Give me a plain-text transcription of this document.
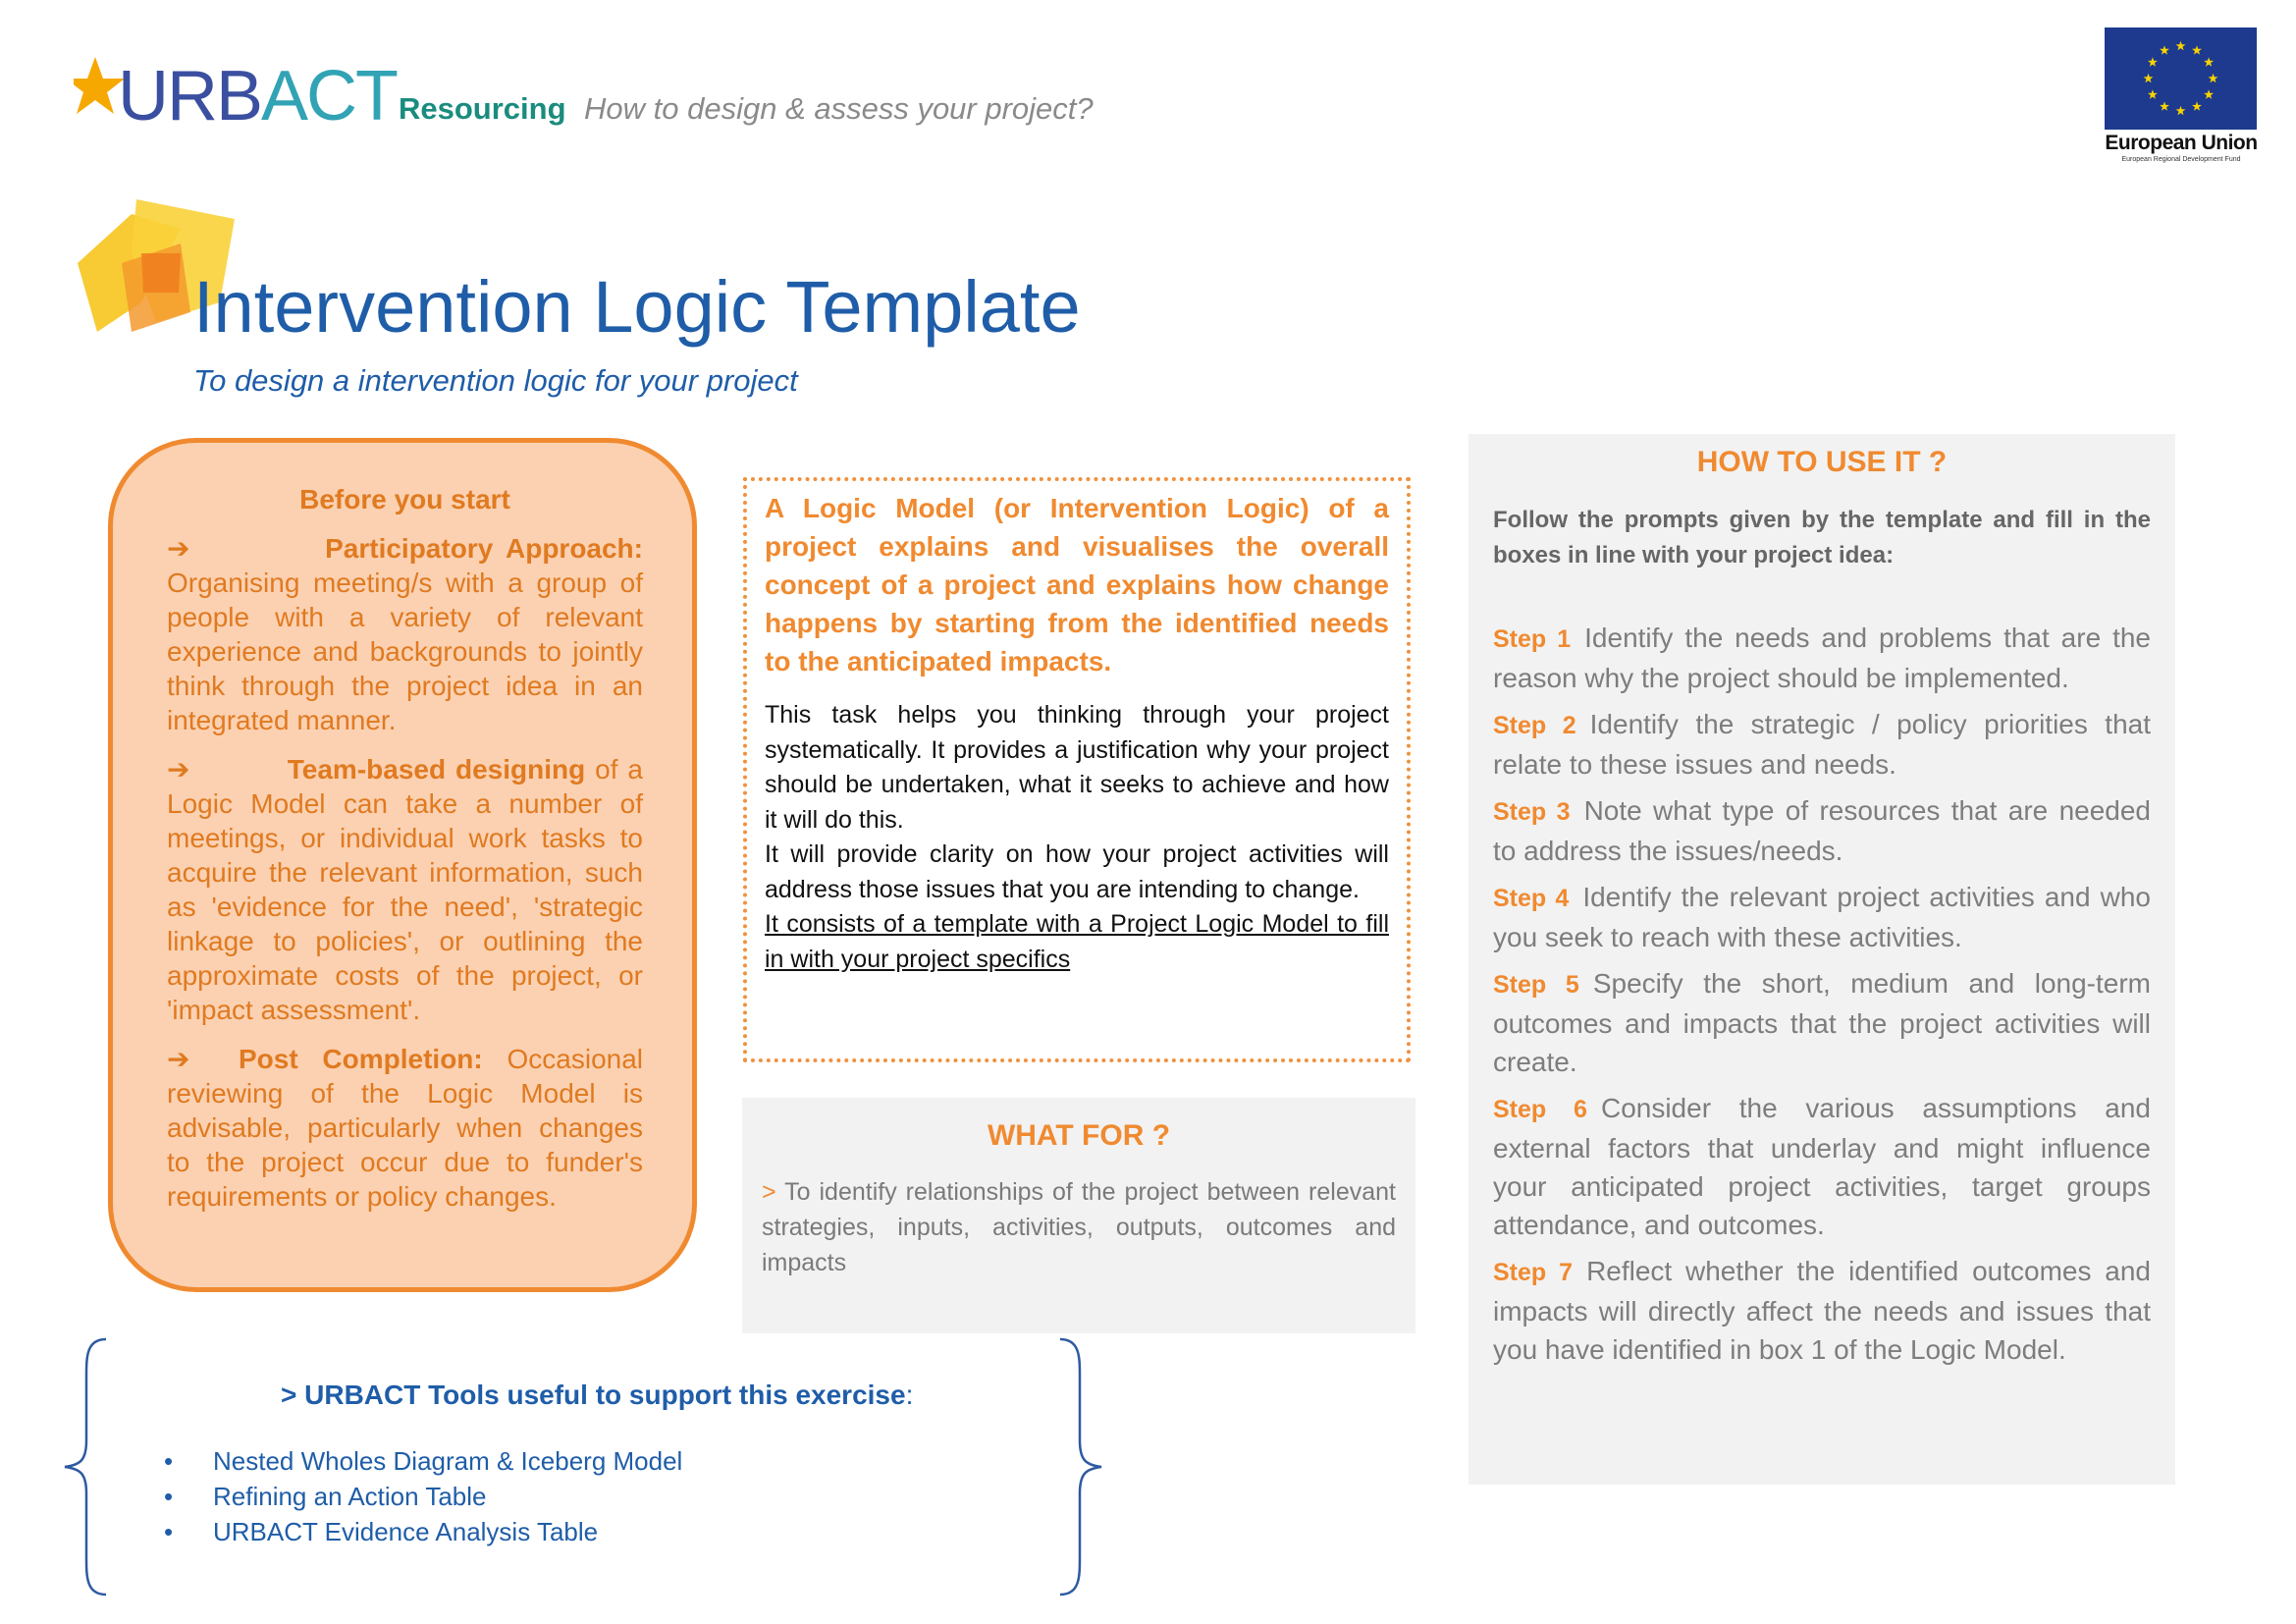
URBACT Resourcing How to design & assess your project?
European Union
European Regional Development Fund
Intervention Logic Template
To design a intervention logic for your project

Before you start

➔	Participatory Approach: Organising meeting/s with a group of people with a variety of relevant experience and backgrounds to jointly think through the project idea in an integrated manner.

➔	Team-based designing of a Logic Model can take a number of meetings, or individual work tasks to acquire the relevant information, such as 'evidence for the need', 'strategic linkage to policies', or outlining the approximate costs of the project, or 'impact assessment'.

➔ Post Completion: Occasional reviewing of the Logic Model is advisable, particularly when changes to the project occur due to funder's requirements or policy changes.

A Logic Model (or Intervention Logic) of a project explains and visualises the overall concept of a project and explains how change happens by starting from the identified needs to the anticipated impacts.

This task helps you thinking through your project systematically. It provides a justification why your project should be undertaken, what it seeks to achieve and how it will do this.

It will provide clarity on how your project activities will address those issues that you are intending to change.

It consists of a template with a Project Logic Model to fill in with your project specifics

WHAT FOR ?

> To identify relationships of the project between relevant strategies, inputs, activities, outputs, outcomes and impacts

HOW TO USE IT ?

Follow the prompts given by the template and fill in the boxes in line with your project idea:

Step 1 Identify the needs and problems that are the reason why the project should be implemented.

Step 2 Identify the strategic / policy priorities that relate to these issues and needs.

Step 3 Note what type of resources that are needed to address the issues/needs.

Step 4 Identify the relevant project activities and who you seek to reach with these activities.

Step 5 Specify the short, medium and long-term outcomes and impacts that the project activities will create.

Step 6 Consider the various assumptions and external factors that underlay and might influence your anticipated project activities, target groups attendance, and outcomes.

Step 7 Reflect whether the identified outcomes and impacts will directly affect the needs and issues that you have identified in box 1 of the Logic Model.

> URBACT Tools useful to support this exercise:
• Nested Wholes Diagram & Iceberg Model
• Refining an Action Table
• URBACT Evidence Analysis Table
